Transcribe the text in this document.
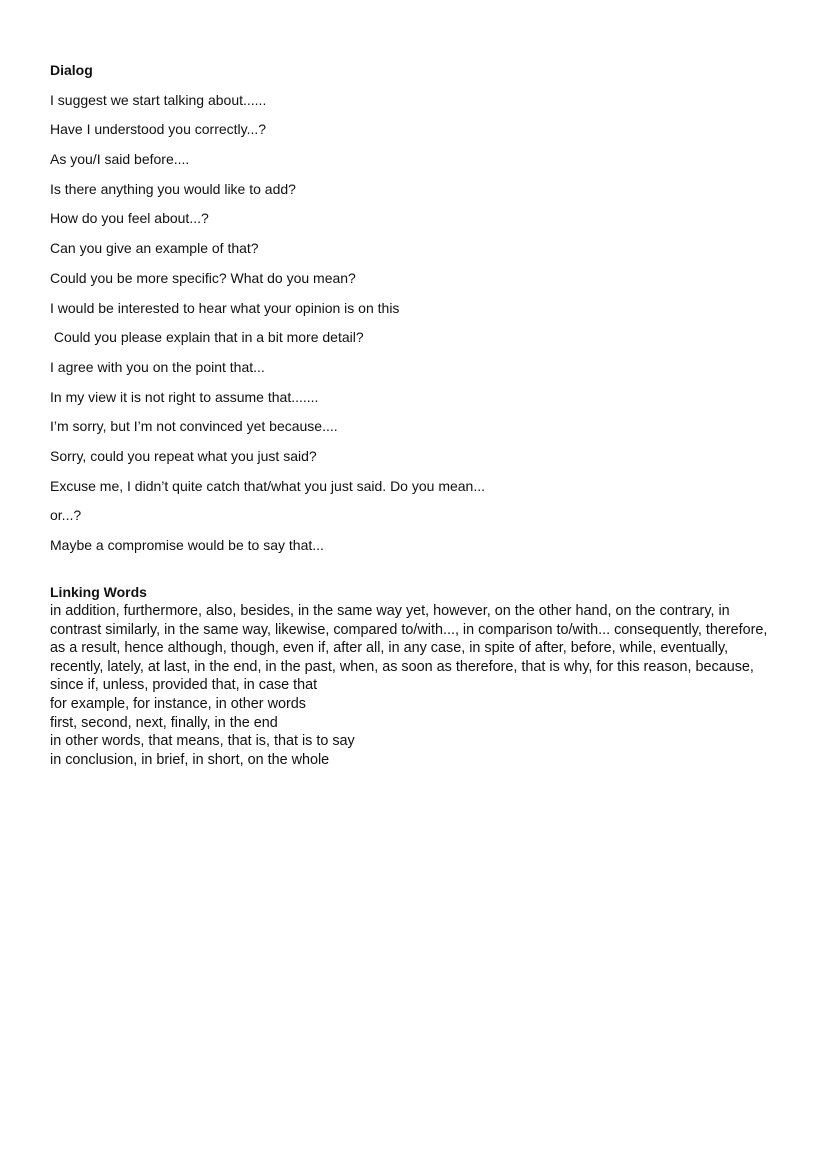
Dialog
I suggest we start talking about......
Have I understood you correctly...?
As you/I said before....
Is there anything you would like to add?
How do you feel about...?
Can you give an example of that?
Could you be more specific? What do you mean?
I would be interested to hear what your opinion is on this
Could you please explain that in a bit more detail?
I agree with you on the point that...
In my view it is not right to assume that.......
I’m sorry, but I’m not convinced yet because....
Sorry, could you repeat what you just said?
Excuse me, I didn’t quite catch that/what you just said. Do you mean...
or...?
Maybe a compromise would be to say that...
Linking Words

in addition, furthermore, also, besides, in the same way yet, however, on the other hand, on the contrary, in contrast similarly, in the same way, likewise, compared to/with..., in comparison to/with... consequently, therefore, as a result, hence although, though, even if, after all, in any case, in spite of after, before, while, eventually, recently, lately, at last, in the end, in the past, when, as soon as therefore, that is why, for this reason, because, since if, unless, provided that, in case that

for example, for instance, in other words

first, second, next, finally, in the end

in other words, that means, that is, that is to say

in conclusion, in brief, in short, on the whole
